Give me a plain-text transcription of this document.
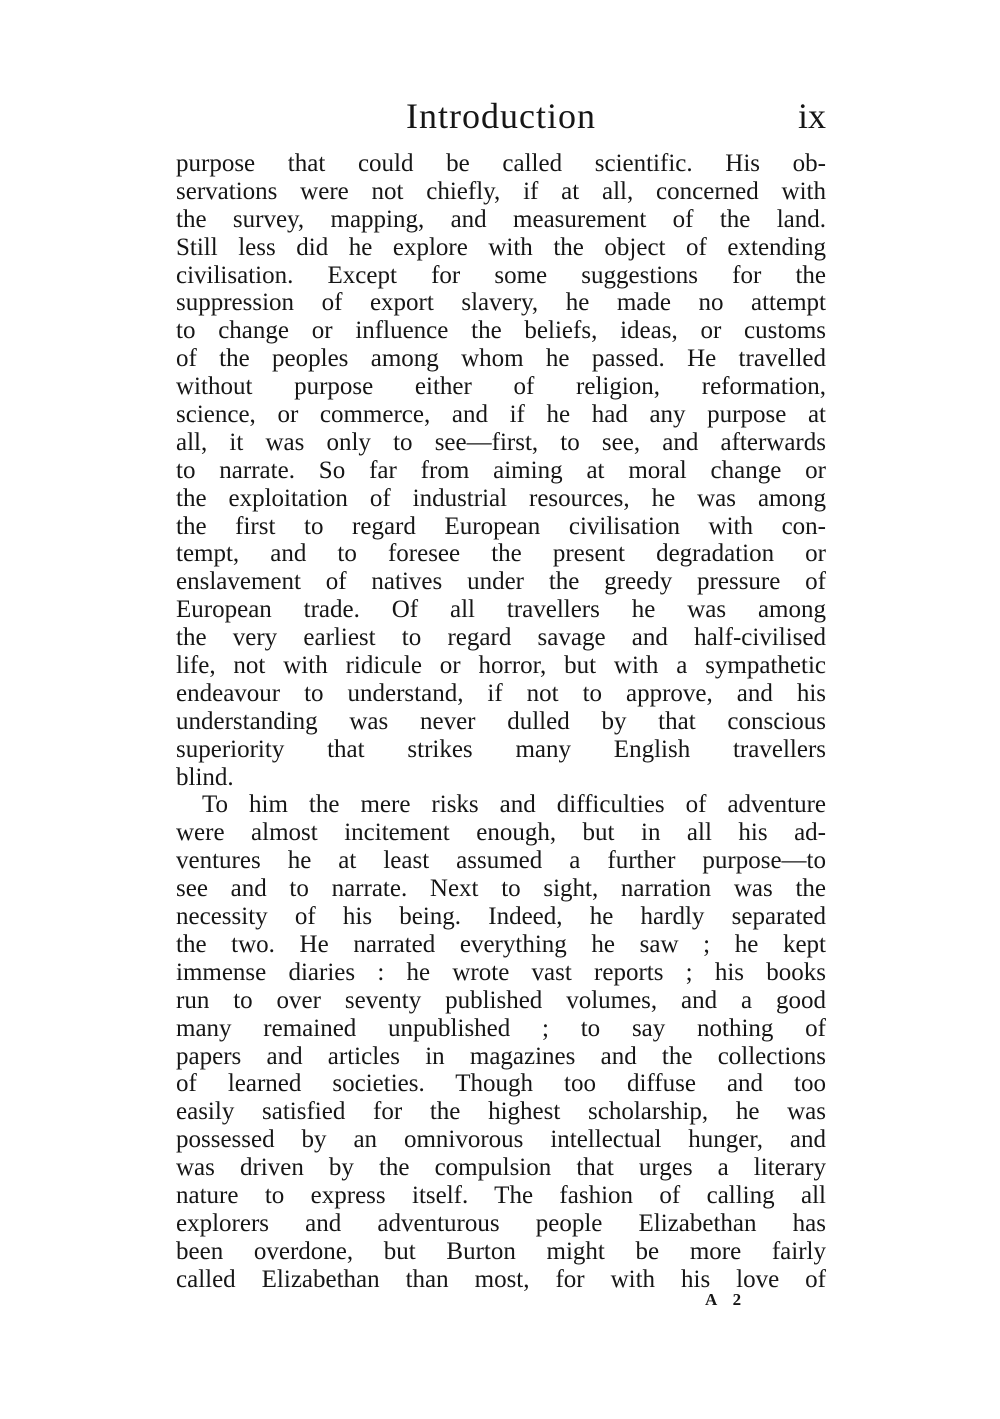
Introduction	ix
purpose that could be called scientific. His ob-
servations were not chiefly, if at all, concerned with
the survey, mapping, and measurement of the land.
Still less did he explore with the object of extending
civilisation. Except for some suggestions for the
suppression of export slavery, he made no attempt
to change or influence the beliefs, ideas, or customs
of the peoples among whom he passed. He travelled
without purpose either of religion, reformation,
science, or commerce, and if he had any purpose at
all, it was only to see—first, to see, and afterwards
to narrate. So far from aiming at moral change or
the exploitation of industrial resources, he was among
the first to regard European civilisation with con-
tempt, and to foresee the present degradation or
enslavement of natives under the greedy pressure of
European trade. Of all travellers he was among
the very earliest to regard savage and half-civilised
life, not with ridicule or horror, but with a sympathetic
endeavour to understand, if not to approve, and his
understanding was never dulled by that conscious
superiority that strikes many English travellers
blind.
To him the mere risks and difficulties of adventure
were almost incitement enough, but in all his ad-
ventures he at least assumed a further purpose—to
see and to narrate. Next to sight, narration was the
necessity of his being. Indeed, he hardly separated
the two. He narrated everything he saw ; he kept
immense diaries : he wrote vast reports ; his books
run to over seventy published volumes, and a good
many remained unpublished ; to say nothing of
papers and articles in magazines and the collections
of learned societies. Though too diffuse and too
easily satisfied for the highest scholarship, he was
possessed by an omnivorous intellectual hunger, and
was driven by the compulsion that urges a literary
nature to express itself. The fashion of calling all
explorers and adventurous people Elizabethan has
been overdone, but Burton might be more fairly
called Elizabethan than most, for with his love of
A 2
